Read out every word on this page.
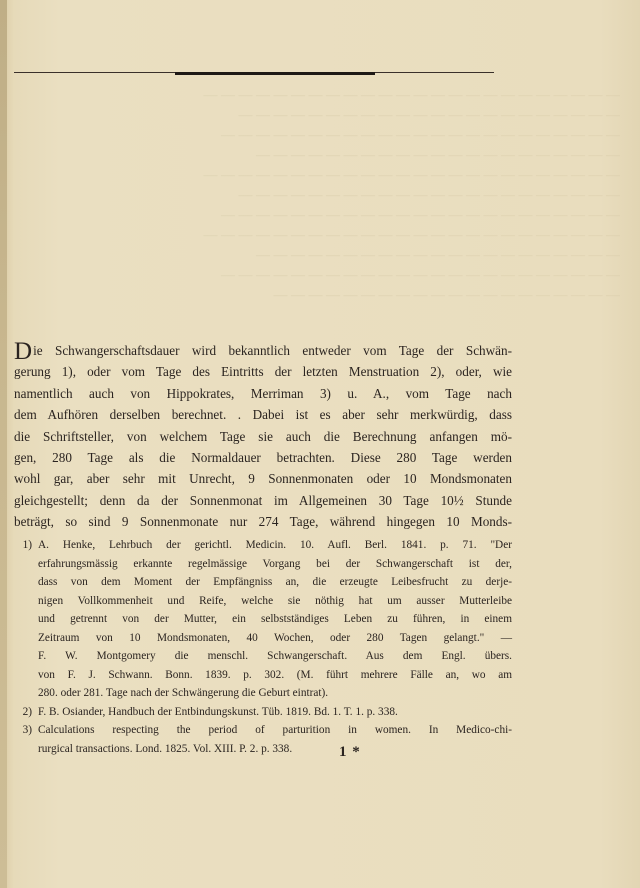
— — — — — — — — — — — — — — — — — — — — — — — —
— — — — — — — — — — — — — — — — — — — — — —
— — — — — — — — — — — — — — — — — — — — — — —
— — — — — — — — — — — — — — — — — — — — —
— — — — — — — — — — — — — — — — — — — — — — — —
— — — — — — — — — — — — — — — — — — — — — —
— — — — — — — — — — — — — — — — — — — — — — —
— — — — — — — — — — — — — — — — — — — — — — — —
— — — — — — — — — — — — — — — — — — — — —
— — — — — — — — — — — — — — — — — — — — — — —
— — — — — — — — — — — — — — — — — — — —
D ie Schwangerschaftsdauer wird bekanntlich entweder vom Tage der Schwän-
gerung 1), oder vom Tage des Eintritts der letzten Menstruation 2), oder, wie
namentlich auch von Hippokrates, Merriman 3) u. A., vom Tage nach
dem Aufhören derselben berechnet. . Dabei ist es aber sehr merkwürdig, dass
die Schriftsteller, von welchem Tage sie auch die Berechnung anfangen mö-
gen, 280 Tage als die Normaldauer betrachten. Diese 280 Tage werden
wohl gar, aber sehr mit Unrecht, 9 Sonnenmonaten oder 10 Mondsmonaten
gleichgestellt; denn da der Sonnenmonat im Allgemeinen 30 Tage 10½ Stunde
beträgt, so sind 9 Sonnenmonate nur 274 Tage, während hingegen 10 Monds-
1) A. Henke, Lehrbuch der gerichtl. Medicin. 10. Aufl. Berl. 1841. p. 71. "Der
erfahrungsmässig erkannte regelmässige Vorgang bei der Schwangerschaft ist der,
dass von dem Moment der Empfängniss an, die erzeugte Leibesfrucht zu derje-
nigen Vollkommenheit und Reife, welche sie nöthig hat um ausser Mutterleibe
und getrennt von der Mutter, ein selbstständiges Leben zu führen, in einem
Zeitraum von 10 Mondsmonaten, 40 Wochen, oder 280 Tagen gelangt." —
F. W. Montgomery die menschl. Schwangerschaft. Aus dem Engl. übers.
von F. J. Schwann. Bonn. 1839. p. 302. (M. führt mehrere Fälle an, wo am
280. oder 281. Tage nach der Schwängerung die Geburt eintrat).
2) F. B. Osiander, Handbuch der Entbindungskunst. Tüb. 1819. Bd. 1. T. 1. p. 338.
3) Calculations respecting the period of parturition in women. In Medico-chi-
rurgical transactions. Lond. 1825. Vol. XIII. P. 2. p. 338.	1 *
